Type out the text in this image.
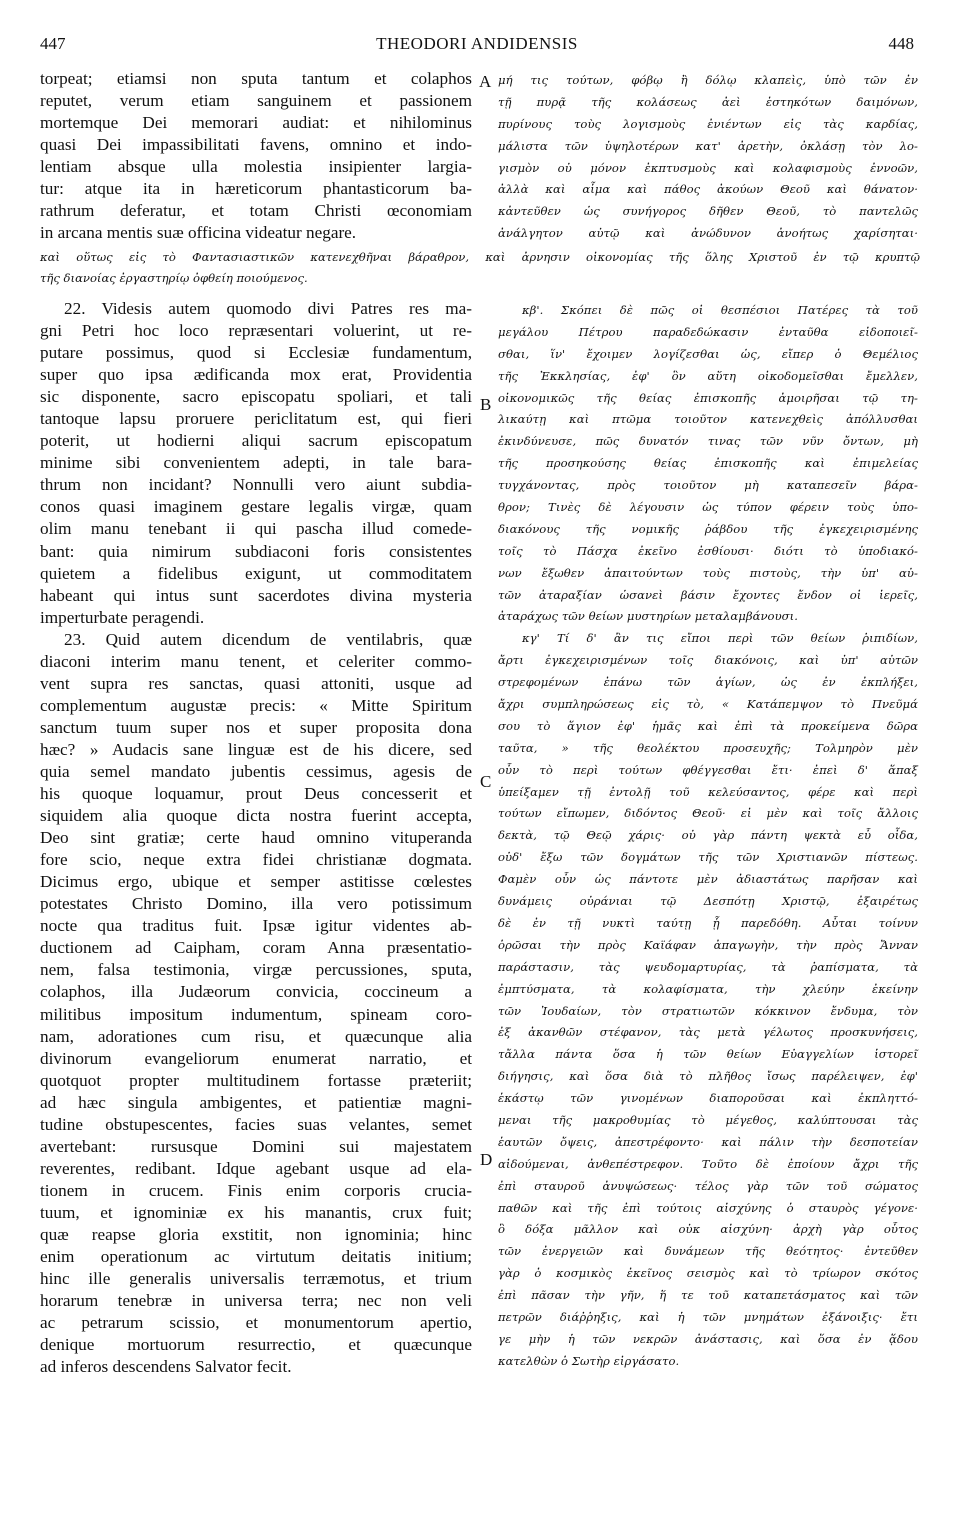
447	THEODORI ANDIDENSIS	448
A
B
C
D
torpeat; etiamsi non sputa tantum et colaphos
reputet, verum etiam sanguinem et passionem
mortemque Dei memorari audiat: et nihilominus
quasi Dei impassibilitati favens, omnino et indo-
lentiam absque ulla molestia insipienter largia-
tur: atque ita in hæreticorum phantasticorum ba-
rathrum deferatur, et totam Christi œconomiam
in arcana mentis suæ officina videatur negare.
μή τις τούτων, φόβῳ ἢ δόλῳ κλαπεὶς, ὑπὸ τῶν ἐν
τῇ πυρᾷ τῆς κολάσεως ἀεὶ ἑστηκότων δαιμόνων,
πυρίνους τοὺς λογισμοὺς ἐνιέντων εἰς τὰς καρδίας,
μάλιστα τῶν ὑψηλοτέρων κατ' ἀρετὴν, ὀκλάσῃ τὸν λο-
γισμὸν οὐ μόνον ἐκπτυσμοὺς καὶ κολαφισμοὺς ἐννοῶν,
ἀλλὰ καὶ αἷμα καὶ πάθος ἀκούων Θεοῦ καὶ θάνατον·
κἀντεῦθεν ὡς συνήγορος δῆθεν Θεοῦ, τὸ παντελῶς
ἀνάλγητον αὐτῷ καὶ ἀνώδυνον ἀνοήτως χαρίσηται·
καὶ οὕτως εἰς τὸ Φαντασιαστικῶν κατενεχθῆναι βάραθρον, καὶ ἀρνησιν οἰκονομίας τῆς ὅλης Χριστοῦ ἐν τῷ κρυπτῷ
τῆς διανοίας ἐργαστηρίῳ ὀφθείη ποιούμενος.
22. Videsis autem quomodo divi Patres res ma-
gni Petri hoc loco repræsentari voluerint, ut re-
putare possimus, quod si Ecclesiæ fundamentum,
super quo ipsa ædificanda mox erat, Providentia
sic disponente, sacro episcopatu spoliari, et tali
tantoque lapsu proruere periclitatum est, qui fieri
poterit, ut hodierni aliqui sacrum episcopatum
minime sibi convenientem adepti, in tale bara-
thrum non incidant? Nonnulli vero aiunt subdia-
conos quasi imaginem gestare legalis virgæ, quam
olim manu tenebant ii qui pascha illud comede-
bant: quia nimirum subdiaconi foris consistentes
quietem a fidelibus exigunt, ut commoditatem
habeant qui intus sunt sacerdotes divina mysteria
imperturbate peragendi.
23. Quid autem dicendum de ventilabris, quæ
diaconi interim manu tenent, et celeriter commo-
vent supra res sanctas, quasi attoniti, usque ad
complementum augustæ precis: « Mitte Spiritum
sanctum tuum super nos et super proposita dona
hæc? » Audacis sane linguæ est de his dicere, sed
quia semel mandato jubentis cessimus, agesis de
his quoque loquamur, prout Deus concesserit et
siquidem alia quoque dicta nostra fuerint accepta,
Deo sint gratiæ; certe haud omnino vituperanda
fore scio, neque extra fidei christianæ dogmata.
Dicimus ergo, ubique et semper astitisse cœlestes
potestates Christo Domino, illa vero potissimum
nocte qua traditus fuit. Ipsæ igitur videntes ab-
ductionem ad Caipham, coram Anna præsentatio-
nem, falsa testimonia, virgæ percussiones, sputa,
colaphos, illa Judæorum convicia, coccineum a
militibus impositum indumentum, spineam coro-
nam, adorationes cum risu, et quæcunque alia
divinorum evangeliorum enumerat narratio, et
quotquot propter multitudinem fortasse præteriit;
ad hæc singula ambigentes, et patientiæ magni-
tudine obstupescentes, facies suas velantes, semet
avertebant: rursusque Domini sui majestatem
reverentes, redibant. Idque agebant usque ad ela-
tionem in crucem. Finis enim corporis crucia-
tuum, et ignominiæ ex his manantis, crux fuit;
quæ reapse gloria exstitit, non ignominia; hinc
enim operationum ac virtutum deitatis initium;
hinc ille generalis universalis terræmotus, et trium
horarum tenebræ in universa terra; nec non veli
ac petrarum scissio, et monumentorum apertio,
denique mortuorum resurrectio, et quæcunque
ad inferos descendens Salvator fecit.
κβ'. Σκόπει δὲ πῶς οἱ θεσπέσιοι Πατέρες τὰ τοῦ
μεγάλου Πέτρου παραδεδώκασιν ἐνταῦθα εἰδοποιεῖ-
σθαι, ἵν' ἔχοιμεν λογίζεσθαι ὡς, εἴπερ ὁ Θεμέλιος
τῆς Ἐκκλησίας, ἐφ' ὃν αὕτη οἰκοδομεῖσθαι ἔμελλεν,
οἰκονομικῶς τῆς θείας ἐπισκοπῆς ἀμοιρῆσαι τῷ τη-
λικαύτῃ καὶ πτῶμα τοιοῦτον κατενεχθεὶς ἀπόλλυσθαι
ἐκινδύνευσε, πῶς δυνατόν τινας τῶν νῦν ὄντων, μὴ
τῆς προσηκούσης θείας ἐπισκοπῆς καὶ ἐπιμελείας
τυγχάνοντας, πρὸς τοιοῦτον μὴ καταπεσεῖν βάρα-
θρον; Τινὲς δὲ λέγουσιν ὡς τύπον φέρειν τοὺς ὑπο-
διακόνους τῆς νομικῆς ῥάβδου τῆς ἐγκεχειρισμένης
τοῖς τὸ Πάσχα ἐκεῖνο ἐσθίουσι· διότι τὸ ὑποδιακό-
νων ἔξωθεν ἀπαιτούντων τοὺς πιστοὺς, τὴν ὑπ' αὐ-
τῶν ἀταραξίαν ὡσανεὶ βάσιν ἔχοντες ἔνδον οἱ ἱερεῖς,
ἀταράχως τῶν θείων μυστηρίων μεταλαμβάνουσι.
κγ' Τί δ' ἂν τις εἴποι περὶ τῶν θείων ῥιπιδίων,
ἄρτι ἐγκεχειρισμένων τοῖς διακόνοις, καὶ ὑπ' αὐτῶν
στρεφομένων ἐπάνω τῶν ἁγίων, ὡς ἐν ἐκπλήξει,
ἄχρι συμπληρώσεως εἰς τὸ, « Κατάπεμψον τὸ Πνεῦμά
σου τὸ ἅγιον ἐφ' ἡμᾶς καὶ ἐπὶ τὰ προκείμενα δῶρα
ταῦτα, » τῆς θεολέκτου προσευχῆς; Τολμηρὸν μὲν
οὖν τὸ περὶ τούτων φθέγγεσθαι ἔτι· ἐπεὶ δ' ἅπαξ
ὑπείξαμεν τῇ ἐντολῇ τοῦ κελεύσαντος, φέρε καὶ περὶ
τούτων εἴπωμεν, διδόντος Θεοῦ· εἰ μὲν καὶ τοῖς ἄλλοις
δεκτὰ, τῷ Θεῷ χάρις· οὐ γὰρ πάντη ψεκτὰ εὖ οἶδα,
οὐδ' ἔξω τῶν δογμάτων τῆς τῶν Χριστιανῶν πίστεως.
Φαμὲν οὖν ὡς πάντοτε μὲν ἀδιαστάτως παρῆσαν καὶ
δυνάμεις οὐράνιαι τῷ Δεσπότῃ Χριστῷ, ἐξαιρέτως
δὲ ἐν τῇ νυκτὶ ταύτῃ ᾗ παρεδόθη. Αὗται τοίνυν
ὁρῶσαι τὴν πρὸς Καϊάφαν ἀπαγωγὴν, τὴν πρὸς Ἄνναν
παράστασιν, τὰς ψευδομαρτυρίας, τὰ ῥαπίσματα, τὰ
ἐμπτύσματα, τὰ κολαφίσματα, τὴν χλεύην ἐκείνην
τῶν Ἰουδαίων, τὸν στρατιωτῶν κόκκινον ἔνδυμα, τὸν
ἐξ ἀκανθῶν στέφανον, τὰς μετὰ γέλωτος προσκυνήσεις,
τἄλλα πάντα ὅσα ἡ τῶν θείων Εὐαγγελίων ἱστορεῖ
διήγησις, καὶ ὅσα διὰ τὸ πλῆθος ἴσως παρέλειψεν, ἐφ'
ἑκάστῳ τῶν γινομένων διαποροῦσαι καὶ ἐκπληττό-
μεναι τῆς μακροθυμίας τὸ μέγεθος, καλύπτουσαι τὰς
ἑαυτῶν ὄψεις, ἀπεστρέφοντο· καὶ πάλιν τὴν δεσποτείαν
αἰδούμεναι, ἀνθεπέστρεφον. Τοῦτο δὲ ἐποίουν ἄχρι τῆς
ἐπὶ σταυροῦ ἀνυψώσεως· τέλος γὰρ τῶν τοῦ σώματος
παθῶν καὶ τῆς ἐπὶ τούτοις αἰσχύνης ὁ σταυρὸς γέγονε·
ὃ δόξα μᾶλλον καὶ οὐκ αἰσχύνη· ἀρχὴ γὰρ οὗτος
τῶν ἐνεργειῶν καὶ δυνάμεων τῆς θεότητος· ἐντεῦθεν
γὰρ ὁ κοσμικὸς ἐκεῖνος σεισμὸς καὶ τὸ τρίωρον σκότος
ἐπὶ πᾶσαν τὴν γῆν, ἥ τε τοῦ καταπετάσματος καὶ τῶν
πετρῶν διάῤῥηξις, καὶ ἡ τῶν μνημάτων ἐξάνοιξις· ἔτι
γε μὴν ἡ τῶν νεκρῶν ἀνάστασις, καὶ ὅσα ἐν ᾅδου
κατελθὼν ὁ Σωτὴρ εἰργάσατο.
